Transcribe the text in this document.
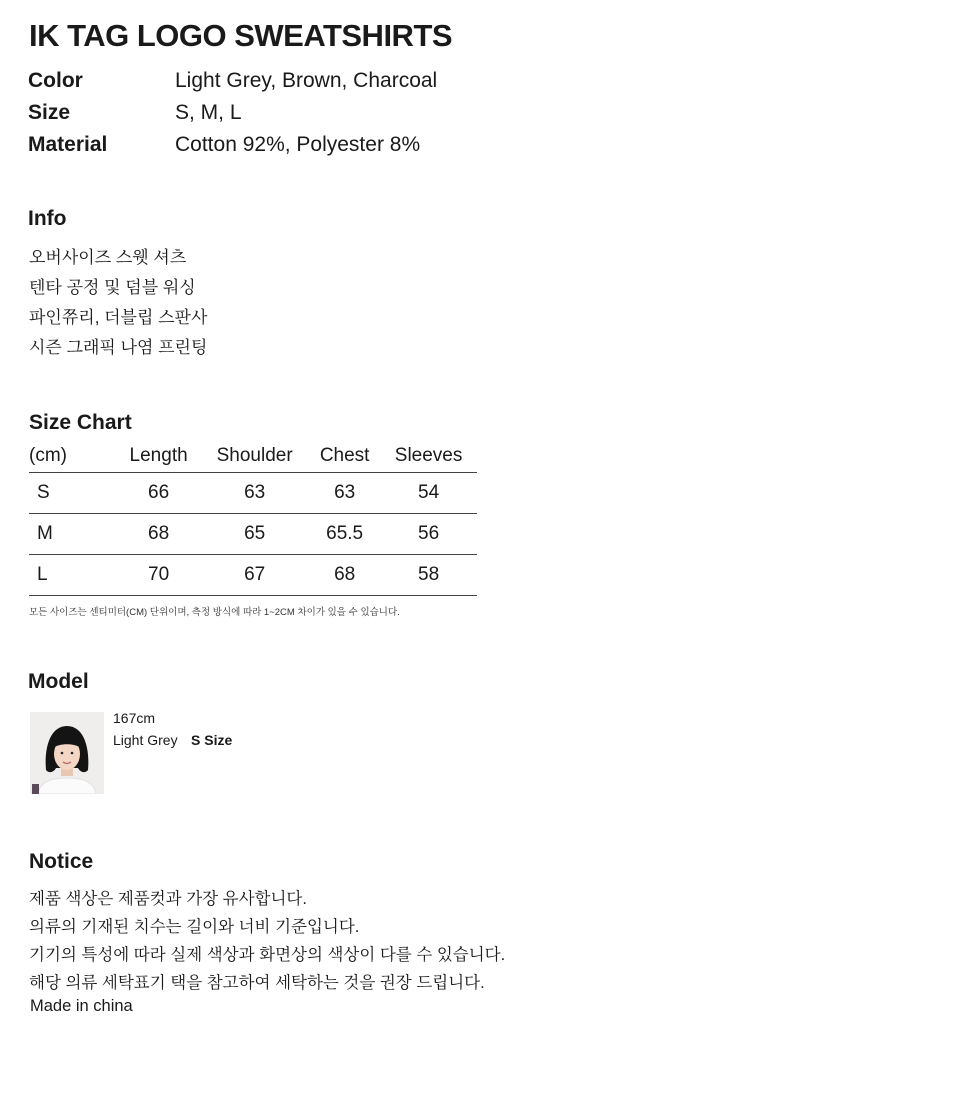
IK TAG LOGO SWEATSHIRTS
Color	Light Grey, Brown, Charcoal
Size	S, M, L
Material	Cotton 92%, Polyester 8%
Info
오버사이즈 스웻 셔츠
텐타 공정 및 덤블 워싱
파인쮸리, 더블립 스판사
시즌 그래픽 나염 프린팅
Size Chart
(cm)	Length	Shoulder	Chest	Sleeves
S	66	63	63	54
M	68	65	65.5	56
L	70	67	68	58
모든 사이즈는 센티미터(CM) 단위이며, 측정 방식에 따라 1~2CM 차이가 있을 수 있습니다.
Model
167cm
Light Grey S Size
Notice
제품 색상은 제품컷과 가장 유사합니다.
의류의 기재된 치수는 길이와 너비 기준입니다.
기기의 특성에 따라 실제 색상과 화면상의 색상이 다를 수 있습니다.
해당 의류 세탁표기 택을 참고하여 세탁하는 것을 권장 드립니다.
Made in china
